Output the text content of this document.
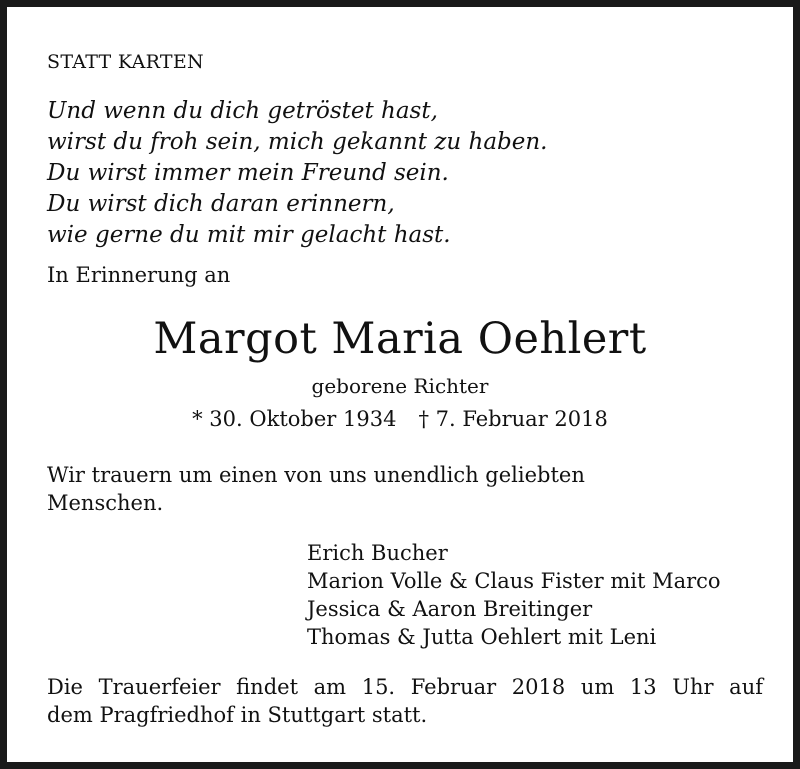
STATT KARTEN
Und wenn du dich getröstet hast,
wirst du froh sein, mich gekannt zu haben.
Du wirst immer mein Freund sein.
Du wirst dich daran erinnern,
wie gerne du mit mir gelacht hast.
In Erinnerung an
Margot Maria Oehlert
geborene Richter
* 30. Oktober 1934 † 7. Februar 2018
Wir trauern um einen von uns unendlich geliebten
Menschen.
Erich Bucher
Marion Volle & Claus Fister mit Marco
Jessica & Aaron Breitinger
Thomas & Jutta Oehlert mit Leni
Die Trauerfeier findet am 15. Februar 2018 um 13 Uhr auf
dem Pragfriedhof in Stuttgart statt.
